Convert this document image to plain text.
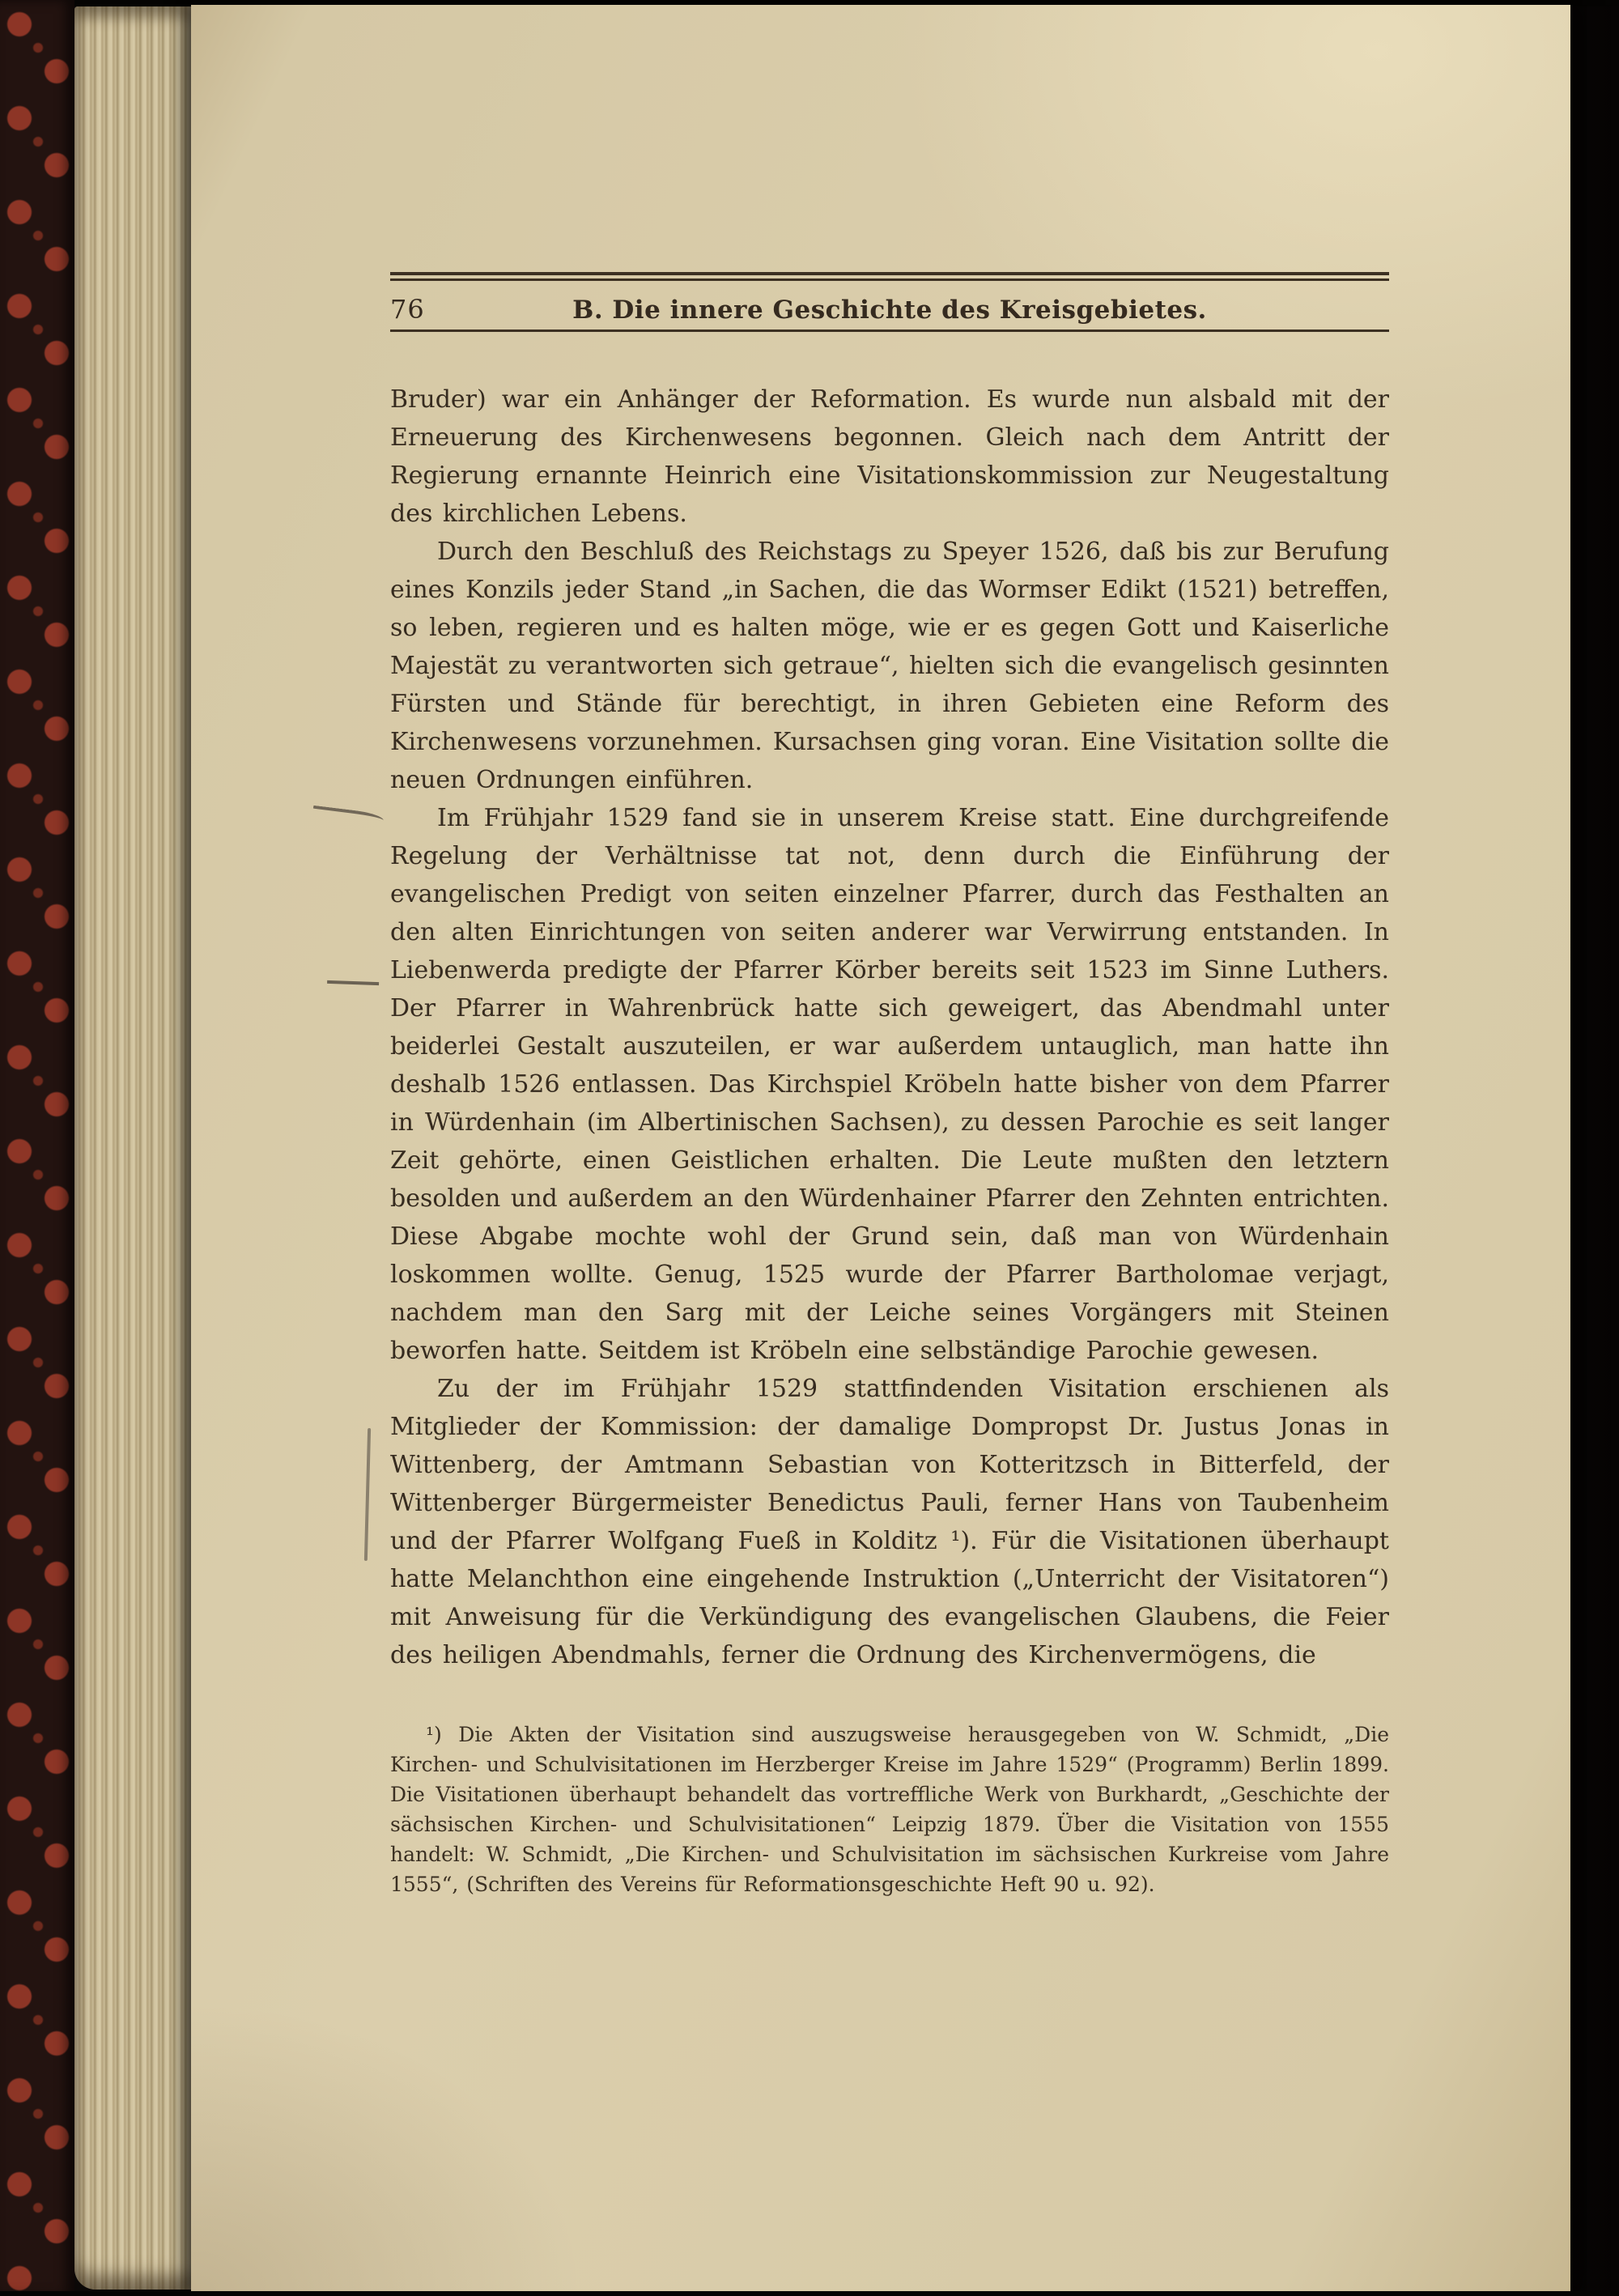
76	B. Die innere Geschichte des Kreisgebietes.

Bruder) war ein Anhänger der Reformation. Es wurde nun alsbald mit der Erneuerung des Kirchenwesens begonnen. Gleich nach dem Antritt der Regierung ernannte Heinrich eine Visitationskommission zur Neugestaltung des kirchlichen Lebens.

Durch den Beschluß des Reichstags zu Speyer 1526, daß bis zur Berufung eines Konzils jeder Stand „in Sachen, die das Wormser Edikt (1521) betreffen, so leben, regieren und es halten möge, wie er es gegen Gott und Kaiserliche Majestät zu verantworten sich getraue“, hielten sich die evangelisch gesinnten Fürsten und Stände für berechtigt, in ihren Gebieten eine Reform des Kirchenwesens vorzunehmen. Kursachsen ging voran. Eine Visitation sollte die neuen Ordnungen einführen.

Im Frühjahr 1529 fand sie in unserem Kreise statt. Eine durchgreifende Regelung der Verhältnisse tat not, denn durch die Einführung der evangelischen Predigt von seiten einzelner Pfarrer, durch das Festhalten an den alten Einrichtungen von seiten anderer war Verwirrung entstanden. In Liebenwerda predigte der Pfarrer Körber bereits seit 1523 im Sinne Luthers. Der Pfarrer in Wahrenbrück hatte sich geweigert, das Abendmahl unter beiderlei Gestalt auszuteilen, er war außerdem untauglich, man hatte ihn deshalb 1526 entlassen. Das Kirchspiel Kröbeln hatte bisher von dem Pfarrer in Würdenhain (im Albertinischen Sachsen), zu dessen Parochie es seit langer Zeit gehörte, einen Geistlichen erhalten. Die Leute mußten den letztern besolden und außerdem an den Würdenhainer Pfarrer den Zehnten entrichten. Diese Abgabe mochte wohl der Grund sein, daß man von Würdenhain loskommen wollte. Genug, 1525 wurde der Pfarrer Bartholomae verjagt, nachdem man den Sarg mit der Leiche seines Vorgängers mit Steinen beworfen hatte. Seitdem ist Kröbeln eine selbständige Parochie gewesen.

Zu der im Frühjahr 1529 stattfindenden Visitation erschienen als Mitglieder der Kommission: der damalige Dompropst Dr. Justus Jonas in Wittenberg, der Amtmann Sebastian von Kotteritzsch in Bitterfeld, der Wittenberger Bürgermeister Benedictus Pauli, ferner Hans von Taubenheim und der Pfarrer Wolfgang Fueß in Kolditz ¹). Für die Visitationen überhaupt hatte Melanchthon eine eingehende Instruktion („Unterricht der Visitatoren“) mit Anweisung für die Verkündigung des evangelischen Glaubens, die Feier des heiligen Abendmahls, ferner die Ordnung des Kirchenvermögens, die

¹) Die Akten der Visitation sind auszugsweise herausgegeben von W. Schmidt, „Die Kirchen- und Schulvisitationen im Herzberger Kreise im Jahre 1529“ (Programm) Berlin 1899. Die Visitationen überhaupt behandelt das vortreffliche Werk von Burkhardt, „Geschichte der sächsischen Kirchen- und Schulvisitationen“ Leipzig 1879. Über die Visitation von 1555 handelt: W. Schmidt, „Die Kirchen- und Schulvisitation im sächsischen Kurkreise vom Jahre 1555“, (Schriften des Vereins für Reformationsgeschichte Heft 90 u. 92).
